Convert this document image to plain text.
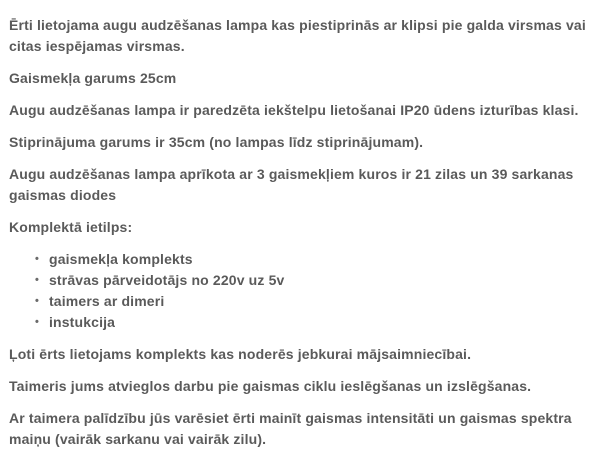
Ērti lietojama augu audzēšanas lampa kas piestiprinās ar klipsi pie galda virsmas vai citas iespējamas virsmas.

Gaismekļa garums 25cm

Augu audzēšanas lampa ir paredzēta iekštelpu lietošanai IP20 ūdens izturības klasi.

Stiprinājuma garums ir 35cm (no lampas līdz stiprinājumam).

Augu audzēšanas lampa aprīkota ar 3 gaismekļiem kuros ir 21 zilas un 39 sarkanas gaismas diodes

Komplektā ietilps:

• gaismekļa komplekts
• strāvas pārveidotājs no 220v uz 5v
• taimers ar dimeri
• instukcija

Ļoti ērts lietojams komplekts kas noderēs jebkurai mājsaimniecībai.

Taimeris jums atvieglos darbu pie gaismas ciklu ieslēgšanas un izslēgšanas.

Ar taimera palīdzību jūs varēsiet ērti mainīt gaismas intensitāti un gaismas spektra maiņu (vairāk sarkanu vai vairāk zilu).
